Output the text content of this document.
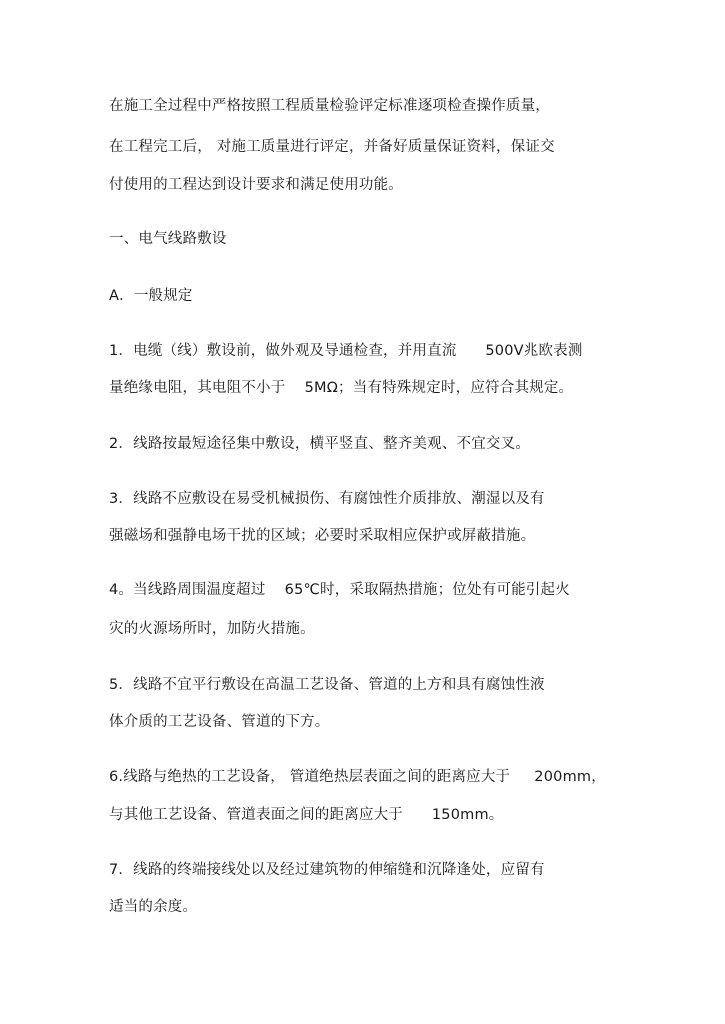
在施工全过程中严格按照工程质量检验评定标准逐项检查操作质量，
在工程完工后， 对施工质量进行评定，并备好质量保证资料，保证交
付使用的工程达到设计要求和满足使用功能。
一、电气线路敷设
A．一般规定
1．电缆（线）敷设前，做外观及导通检查，并用直流      500V兆欧表测
量绝缘电阻，其电阻不小于    5MΩ；当有特殊规定时，应符合其规定。
2．线路按最短途径集中敷设，横平竖直、整齐美观、不宜交叉。
3．线路不应敷设在易受机械损伤、有腐蚀性介质排放、潮湿以及有
强磁场和强静电场干扰的区域；必要时采取相应保护或屏蔽措施。
4。当线路周围温度超过    65℃时，采取隔热措施；位处有可能引起火
灾的火源场所时，加防火措施。
5．线路不宜平行敷设在高温工艺设备、管道的上方和具有腐蚀性液
体介质的工艺设备、管道的下方。
6.线路与绝热的工艺设备， 管道绝热层表面之间的距离应大于     200mm，
与其他工艺设备、管道表面之间的距离应大于      150mm。
7．线路的终端接线处以及经过建筑物的伸缩缝和沉降逢处，应留有
适当的余度。
